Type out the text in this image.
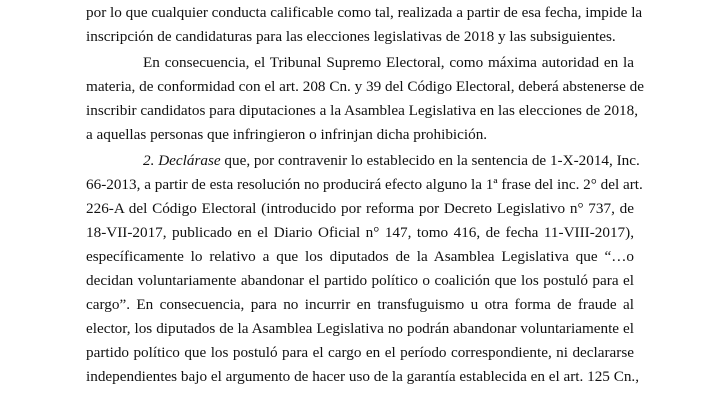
por lo que cualquier conducta calificable como tal, realizada a partir de esa fecha, impide la

inscripción de candidaturas para las elecciones legislativas de 2018 y las subsiguientes.

En consecuencia, el Tribunal Supremo Electoral, como máxima autoridad en la

materia, de conformidad con el art. 208 Cn. y 39 del Código Electoral, deberá abstenerse de

inscribir candidatos para diputaciones a la Asamblea Legislativa en las elecciones de 2018,

a aquellas personas que infringieron o infrinjan dicha prohibición.

2. Declárase que, por contravenir lo establecido en la sentencia de 1-X-2014, Inc.

66-2013, a partir de esta resolución no producirá efecto alguno la 1ª frase del inc. 2° del art.

226-A del Código Electoral (introducido por reforma por Decreto Legislativo n° 737, de

18-VII-2017, publicado en el Diario Oficial n° 147, tomo 416, de fecha 11-VIII-2017),

específicamente lo relativo a que los diputados de la Asamblea Legislativa que “…o

decidan voluntariamente abandonar el partido político o coalición que los postuló para el

cargo”. En consecuencia, para no incurrir en transfuguismo u otra forma de fraude al

elector, los diputados de la Asamblea Legislativa no podrán abandonar voluntariamente el

partido político que los postuló para el cargo en el período correspondiente, ni declararse

independientes bajo el argumento de hacer uso de la garantía establecida en el art. 125 Cn.,
